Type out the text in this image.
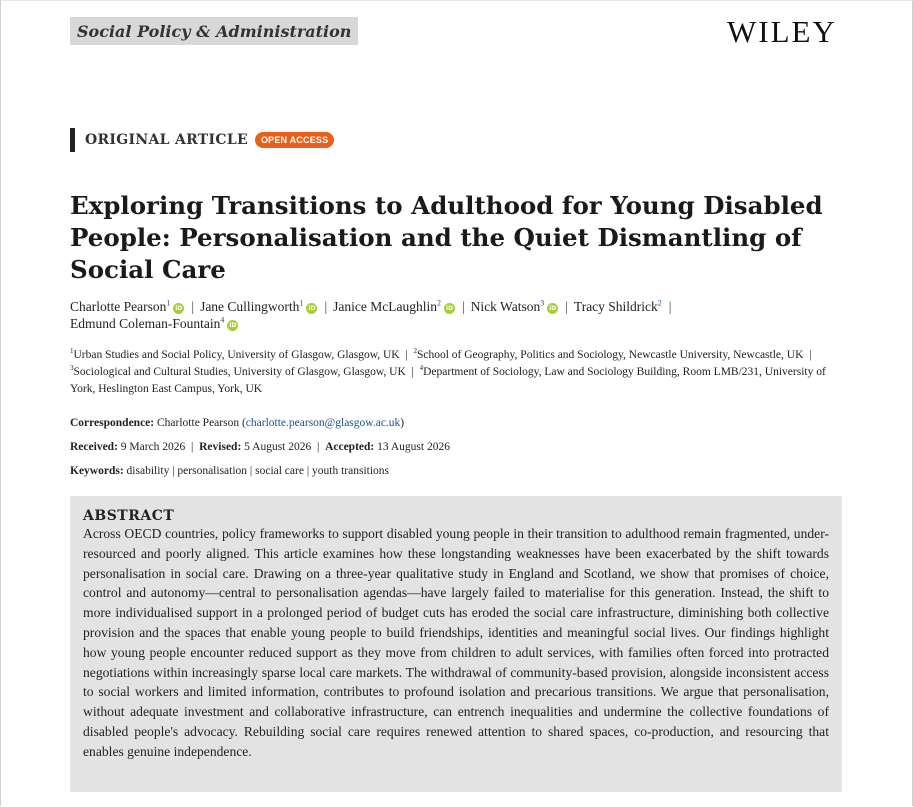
Social Policy & Administration	WILEY
ORIGINAL ARTICLE	OPEN ACCESS
Exploring Transitions to Adulthood for Young Disabled People: Personalisation and the Quiet Dismantling of Social Care
Charlotte Pearson$^1$iD | Jane Cullingworth$^1$iD | Janice McLaughlin$^2$iD | Nick Watson$^3$iD | Tracy Shildrick$^2$ |
Edmund Coleman-Fountain$^4$iD
$^1$Urban Studies and Social Policy, University of Glasgow, Glasgow, UK  |  $^2$School of Geography, Politics and Sociology, Newcastle University, Newcastle, UK  |  $^3$Sociological and Cultural Studies, University of Glasgow, Glasgow, UK  |  $^4$Department of Sociology, Law and Sociology Building, Room LMB/231, University of York, Heslington East Campus, York, UK
Correspondence: Charlotte Pearson (charlotte.pearson@glasgow.ac.uk)
Received: 9 March 2026  |  Revised: 5 August 2026  |  Accepted: 13 August 2026
Keywords: disability | personalisation | social care | youth transitions
ABSTRACT

Across OECD countries, policy frameworks to support disabled young people in their transition to adulthood remain fragmented, under-resourced and poorly aligned. This article examines how these longstanding weaknesses have been exacerbated by the shift towards personalisation in social care. Drawing on a three-year qualitative study in England and Scotland, we show that promises of choice, control and autonomy—central to personalisation agendas—have largely failed to materialise for this generation. Instead, the shift to more individualised support in a prolonged period of budget cuts has eroded the social care infrastructure, diminishing both collective provision and the spaces that enable young people to build friendships, identities and meaningful social lives. Our findings highlight how young people encounter reduced support as they move from children to adult services, with families often forced into protracted negotiations within increasingly sparse local care markets. The withdrawal of community-based provision, alongside inconsistent access to social workers and limited information, contributes to profound isolation and precarious transitions. We argue that personalisation, without adequate investment and collaborative infrastructure, can entrench inequalities and undermine the collective foundations of disabled people's advocacy. Rebuilding social care requires renewed attention to shared spaces, co-production, and resourcing that enables genuine independence.
